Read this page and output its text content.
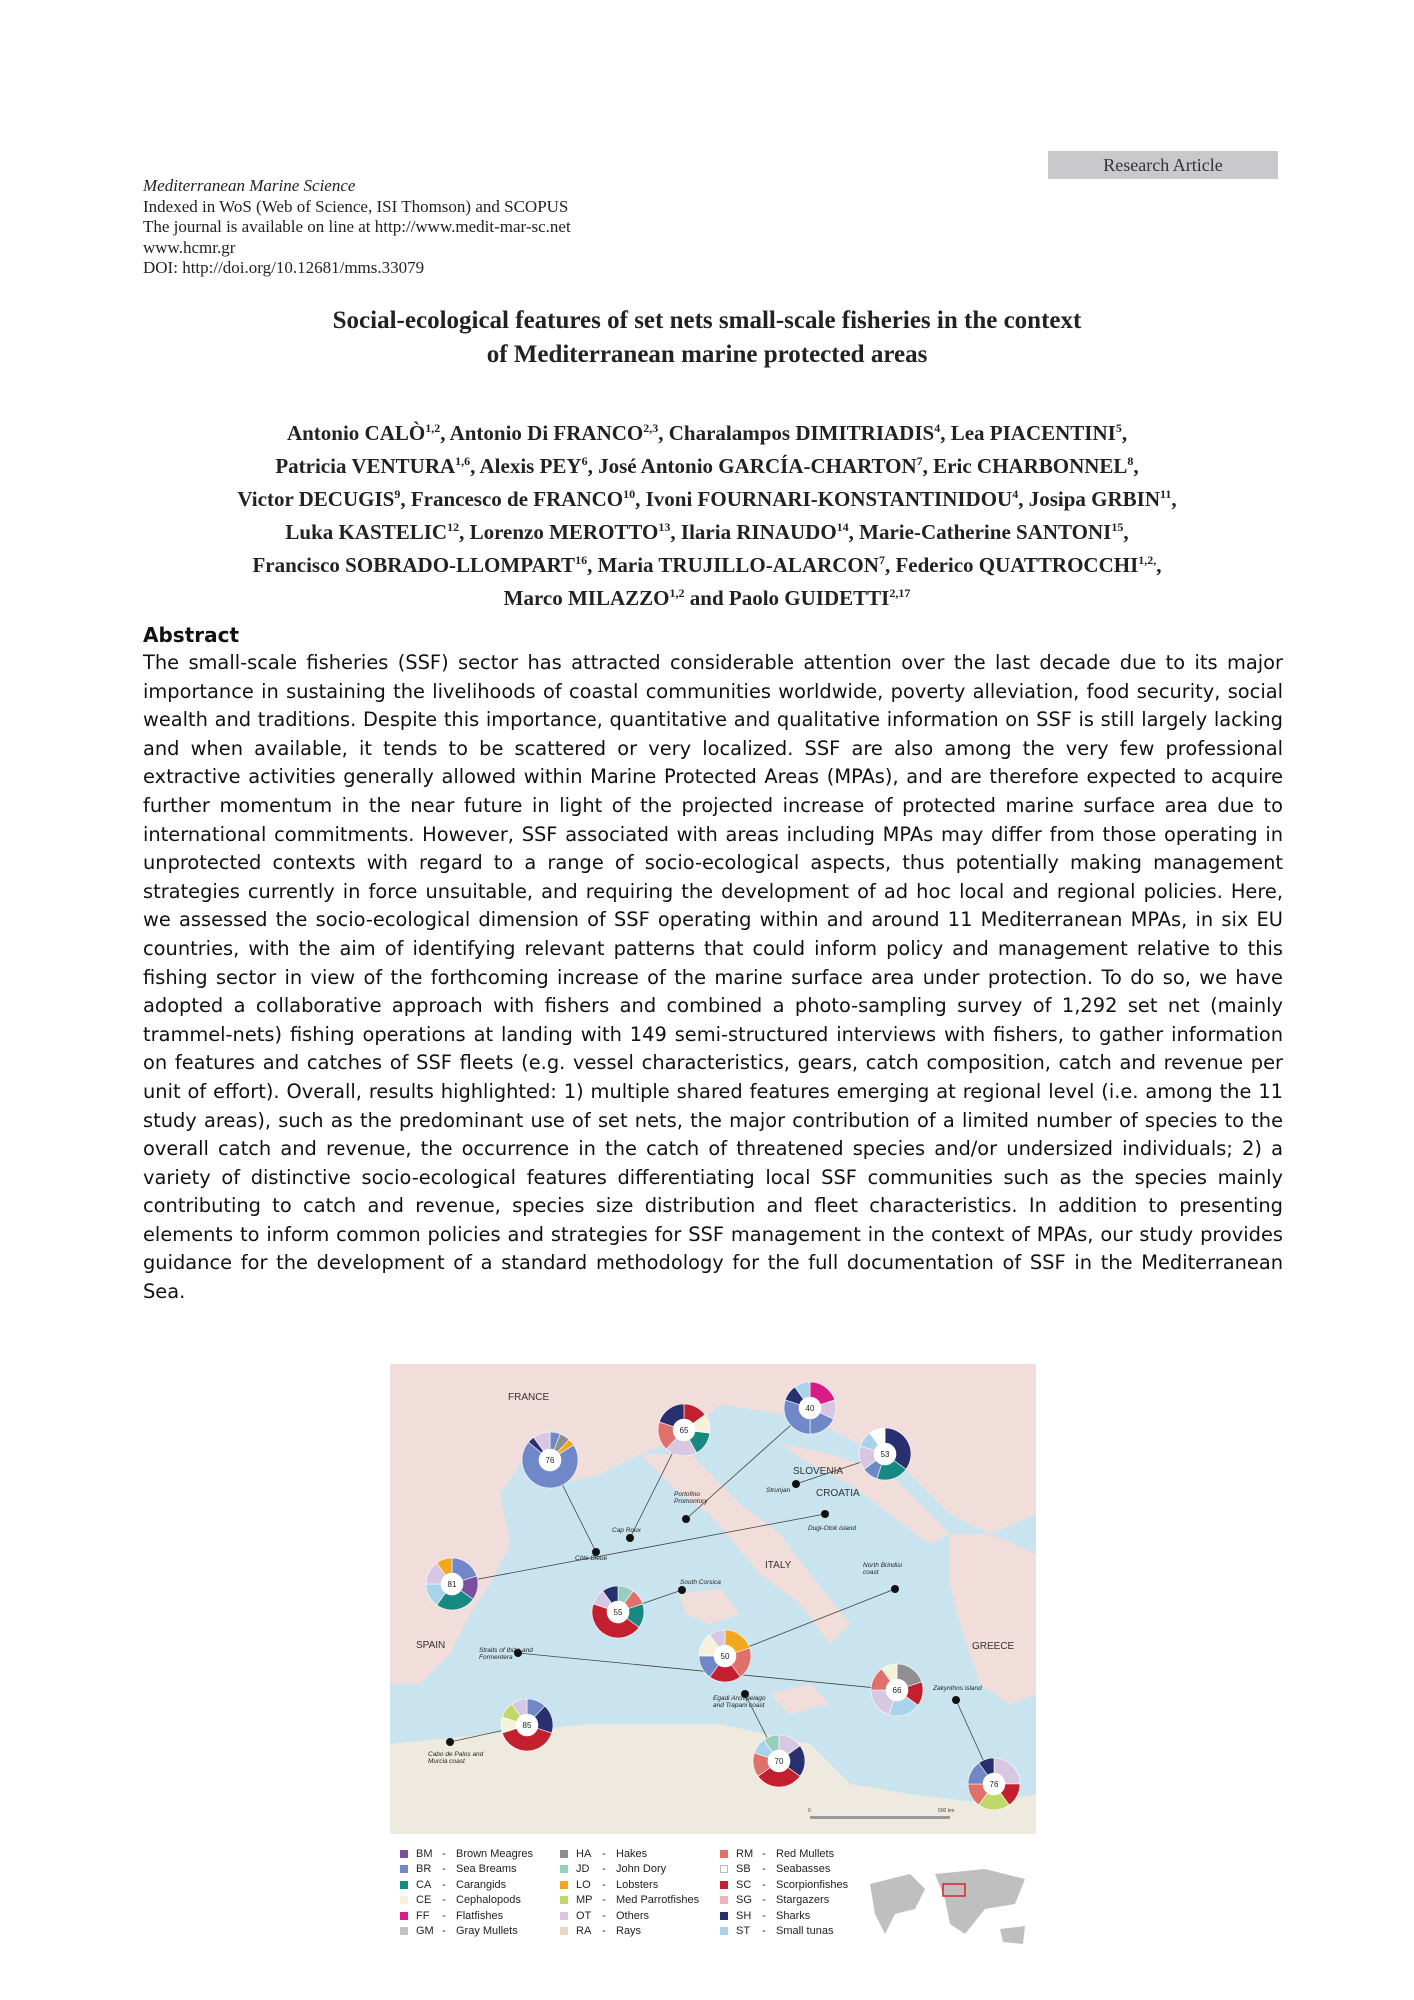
Research Article
Mediterranean Marine Science
Indexed in WoS (Web of Science, ISI Thomson) and SCOPUS
The journal is available on line at http://www.medit-mar-sc.net
www.hcmr.gr
DOI: http://doi.org/10.12681/mms.33079
Social-ecological features of set nets small-scale fisheries in the context
of Mediterranean marine protected areas
Antonio CALÒ$^{1,2}$, Antonio Di FRANCO$^{2,3}$, Charalampos DIMITRIADIS$^4$, Lea PIACENTINI$^5$,
Patricia VENTURA$^{1,6}$, Alexis PEY$^6$, José Antonio GARCÍA-CHARTON$^7$, Eric CHARBONNEL$^8$,
Victor DECUGIS$^9$, Francesco de FRANCO$^{10}$, Ivoni FOURNARI-KONSTANTINIDOU$^4$, Josipa GRBIN$^{11}$,
Luka KASTELIC$^{12}$, Lorenzo MEROTTO$^{13}$, Ilaria RINAUDO$^{14}$, Marie-Catherine SANTONI$^{15}$,
Francisco SOBRADO-LLOMPART$^{16}$, Maria TRUJILLO-ALARCON$^7$, Federico $QUATTROCCHI^{1,2,}$,
Marco MILAZZO$^{1,2}$ and Paolo GUIDETTI$^{2,17}$
Abstract
The small-scale fisheries (SSF) sector has attracted considerable attention over the last decade due to its major importance in sustaining the livelihoods of coastal communities worldwide, poverty alleviation, food security, social wealth and traditions. Despite this importance, quantitative and qualitative information on SSF is still largely lacking and when available, it tends to be scattered or very localized. SSF are also among the very few professional extractive activities generally allowed within Marine Protected Areas (MPAs), and are therefore expected to acquire further momentum in the near future in light of the projected increase of protected marine surface area due to international commitments. However, SSF associated with areas including MPAs may differ from those operating in unprotected contexts with regard to a range of socio-ecological aspects, thus potentially making management strategies currently in force unsuitable, and requiring the development of ad hoc local and regional policies. Here, we assessed the socio-ecological dimension of SSF operating within and around 11 Mediterranean MPAs, in six EU countries, with the aim of identifying relevant patterns that could inform policy and management relative to this fishing sector in view of the forthcoming increase of the marine surface area under protection. To do so, we have adopted a collaborative approach with fishers and combined a photo-sampling survey of 1,292 set net (mainly trammel-nets) fishing operations at landing with 149 semi-structured interviews with fishers, to gather information on features and catches of SSF fleets (e.g. vessel characteristics, gears, catch composition, catch and revenue per unit of effort). Overall, results highlighted: 1) multiple shared features emerging at regional level (i.e. among the 11 study areas), such as the predominant use of set nets, the major contribution of a limited number of species to the overall catch and revenue, the occurrence in the catch of threatened species and/or undersized individuals; 2) a variety of distinctive socio-ecological features differentiating local SSF communities such as the species mainly contributing to catch and revenue, species size distribution and fleet characteristics. In addition to presenting elements to inform common policies and strategies for SSF management in the context of MPAs, our study provides guidance for the development of a standard methodology for the full documentation of SSF in the Mediterranean Sea.
FRANCE
SLOVENIA
CROATIA
ITALY
SPAIN	GREECE
Côte Bleue
Cap Roux
Portofino
Promontory
Strunjan
Dugi-Otok island
South Corsica
North Brindisi
coast
Straits of Ibiza and
Formentera
Cabo de Palos and
Murcia coast
Egadi Archipelago
and Trapani coast
Zakynthos island
76
65
40
53
81
55
50
66
85
70
76
0	500 km
BM - Brown Meagres
BR - Sea Breams
CA - Carangids
CE - Cephalopods
FF	- Flatfishes
GM - Gray Mullets
HA - Hakes
JD	- John Dory
LO	- Lobsters
MP - Med Parrotfishes
OT - Others
RA - Rays
RM - Red Mullets
SB	- Seabasses
SC - Scorpionfishes
SG - Stargazers
SH - Sharks
ST	- Small tunas
